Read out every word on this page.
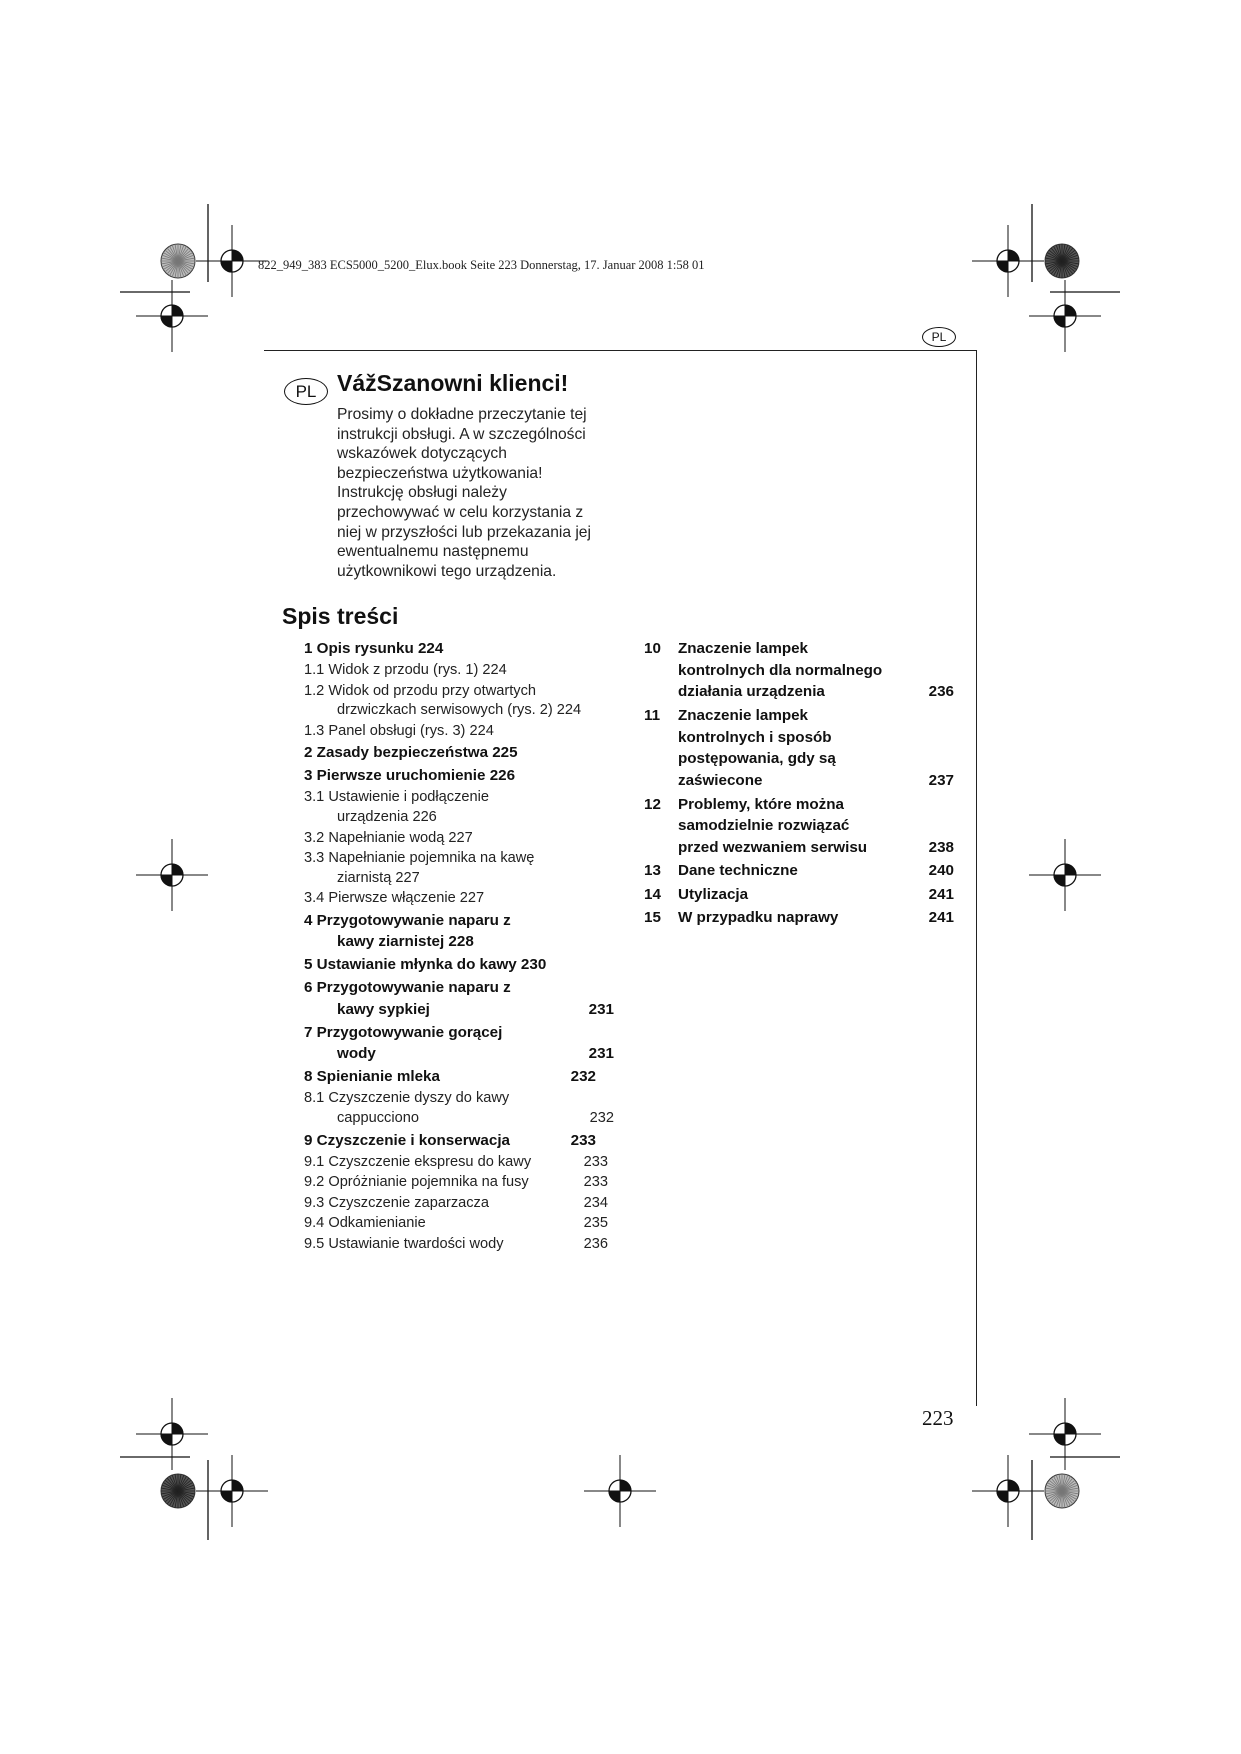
822_949_383 ECS5000_5200_Elux.book Seite 223 Donnerstag, 17. Januar 2008 1:58 01
PL
PL VážSzanowni klienci!
Prosimy o dokładne przeczytanie tej
instrukcji obsługi. A w szczególności
wskazówek dotyczących
bezpieczeństwa użytkowania!
Instrukcję obsługi należy
przechowywać w celu korzystania z
niej w przyszłości lub przekazania jej
ewentualnemu następnemu
użytkownikowi tego urządzenia.
Spis treści
1 Opis rysunku 224
1.1 Widok z przodu (rys. 1) 224
1.2 Widok od przodu przy otwartych
drzwiczkach serwisowych (rys. 2) 224
1.3 Panel obsługi (rys. 3) 224
2 Zasady bezpieczeństwa 225
3 Pierwsze uruchomienie 226
3.1 Ustawienie i podłączenie
urządzenia 226
3.2 Napełnianie wodą 227
3.3 Napełnianie pojemnika na kawę
ziarnistą 227
3.4 Pierwsze włączenie 227
4 Przygotowywanie naparu z
kawy ziarnistej 228
5 Ustawianie młynka do kawy 230
6 Przygotowywanie naparu z
kawy sypkiej	231
7 Przygotowywanie gorącej
wody	231
8 Spienianie mleka	232
8.1 Czyszczenie dyszy do kawy
cappucciono	232
9 Czyszczenie i konserwacja	233
9.1 Czyszczenie ekspresu do kawy	233
9.2 Opróżnianie pojemnika na fusy	233
9.3 Czyszczenie zaparzacza	234
9.4 Odkamienianie	235
9.5 Ustawianie twardości wody	236
10 Znaczenie lampek
kontrolnych dla normalnego
działania urządzenia	236
11 Znaczenie lampek
kontrolnych i sposób
postępowania, gdy są
zaświecone	237
12 Problemy, które można
samodzielnie rozwiązać
przed wezwaniem serwisu	238
13 Dane techniczne	240
14 Utylizacja	241
15 W przypadku naprawy	241
223
